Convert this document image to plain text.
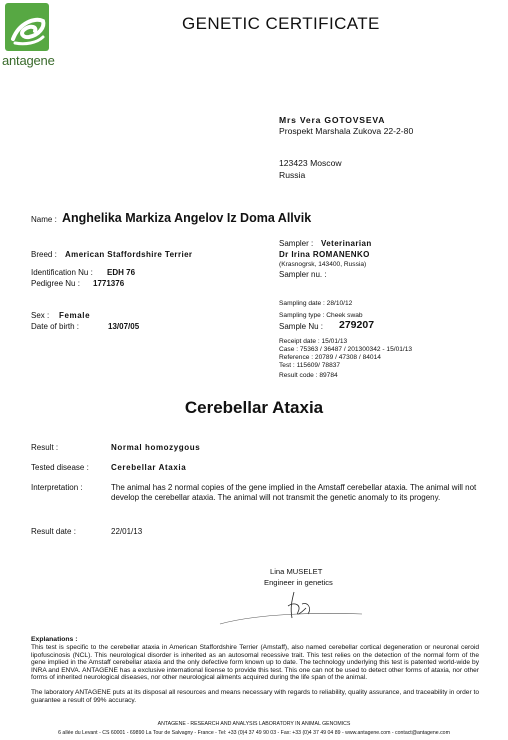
antagene
GENETIC CERTIFICATE
Mrs Vera GOTOVSEVA
Prospekt Marshala Zukova 22-2-80
123423 Moscow
Russia
Name : Anghelika Markiza Angelov Iz Doma Allvik
Sampler : Veterinarian
Dr Irina ROMANENKO
(Krasnogrsk, 143400, Russia)
Sampler nu. :
Breed : American Staffordshire Terrier
Identification Nu : EDH 76
Pedigree Nu : 1771376
Sampling date : 28/10/12
Sex : Female	Sampling type : Cheek swab
Date of birth :	13/07/05	Sample Nu : 279207
Receipt date : 15/01/13
Case : 75363 / 36487 / 201300342 - 15/01/13
Reference : 20789 / 47308 / 84014
Test : 115609/ 78837
Result code : 89784
Cerebellar Ataxia
Result :	Normal homozygous
Tested disease :	Cerebellar Ataxia
Interpretation :	The animal has 2 normal copies of the gene implied in the Amstaff cerebellar ataxia. The animal will not develop the cerebellar ataxia. The animal will not transmit the genetic anomaly to its progeny.
Result date :	22/01/13
Lina MUSELET
Engineer in genetics
Explanations :
This test is specific to the cerebellar ataxia in American Staffordshire Terrier (Amstaff), also named cerebellar cortical degeneration or neuronal ceroid lipofuscinosis (NCL). This neurological disorder is inherited as an autosomal recessive trait. This test relies on the detection of the normal form of the gene implied in the Amstaff cerebellar ataxia and the only defective form known up to date. The technology underlying this test is patented world-wide by INRA and ENVA. ANTAGENE has a exclusive international license to provide this test. This one can not be used to detect other forms of ataxia, nor other forms of inherited neurological diseases, nor other neurological ailments acquired during the life span of the animal.
The laboratory ANTAGENE puts at its disposal all resources and means necessary with regards to reliability, quality assurance, and traceability in order to guarantee a result of 99% accuracy.
ANTAGENE - RESEARCH AND ANALYSIS LABORATORY IN ANIMAL GENOMICS
6 allée du Levant - CS 60001 - 69890 La Tour de Salvagny - France - Tel: +33 (0)4 37 49 90 03 - Fax: +33 (0)4 37 49 04 89 - www.antagene.com - contact@antagene.com
